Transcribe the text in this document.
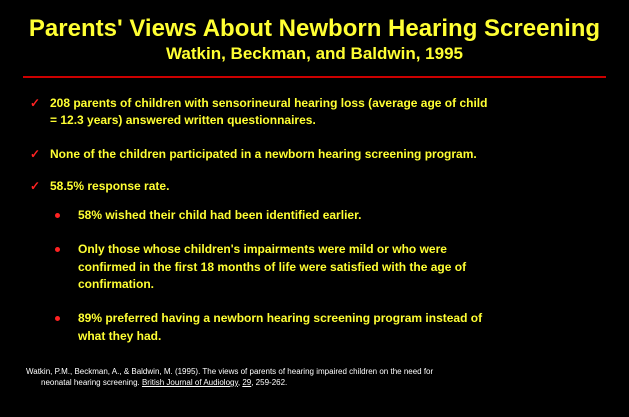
Parents' Views About Newborn Hearing Screening
Watkin, Beckman, and Baldwin, 1995
✓ 208 parents of children with sensorineural hearing loss (average age of child
= 12.3 years) answered written questionnaires.
✓ None of the children participated in a newborn hearing screening program.
✓ 58.5% response rate.
58% wished their child had been identified earlier.
Only those whose children's impairments were mild or who were
confirmed in the first 18 months of life were satisfied with the age of
confirmation.
89% preferred having a newborn hearing screening program instead of
what they had.
Watkin, P.M., Beckman, A., & Baldwin, M. (1995). The views of parents of hearing impaired children on the need for
neonatal hearing screening. British Journal of Audiology, 29, 259-262.
